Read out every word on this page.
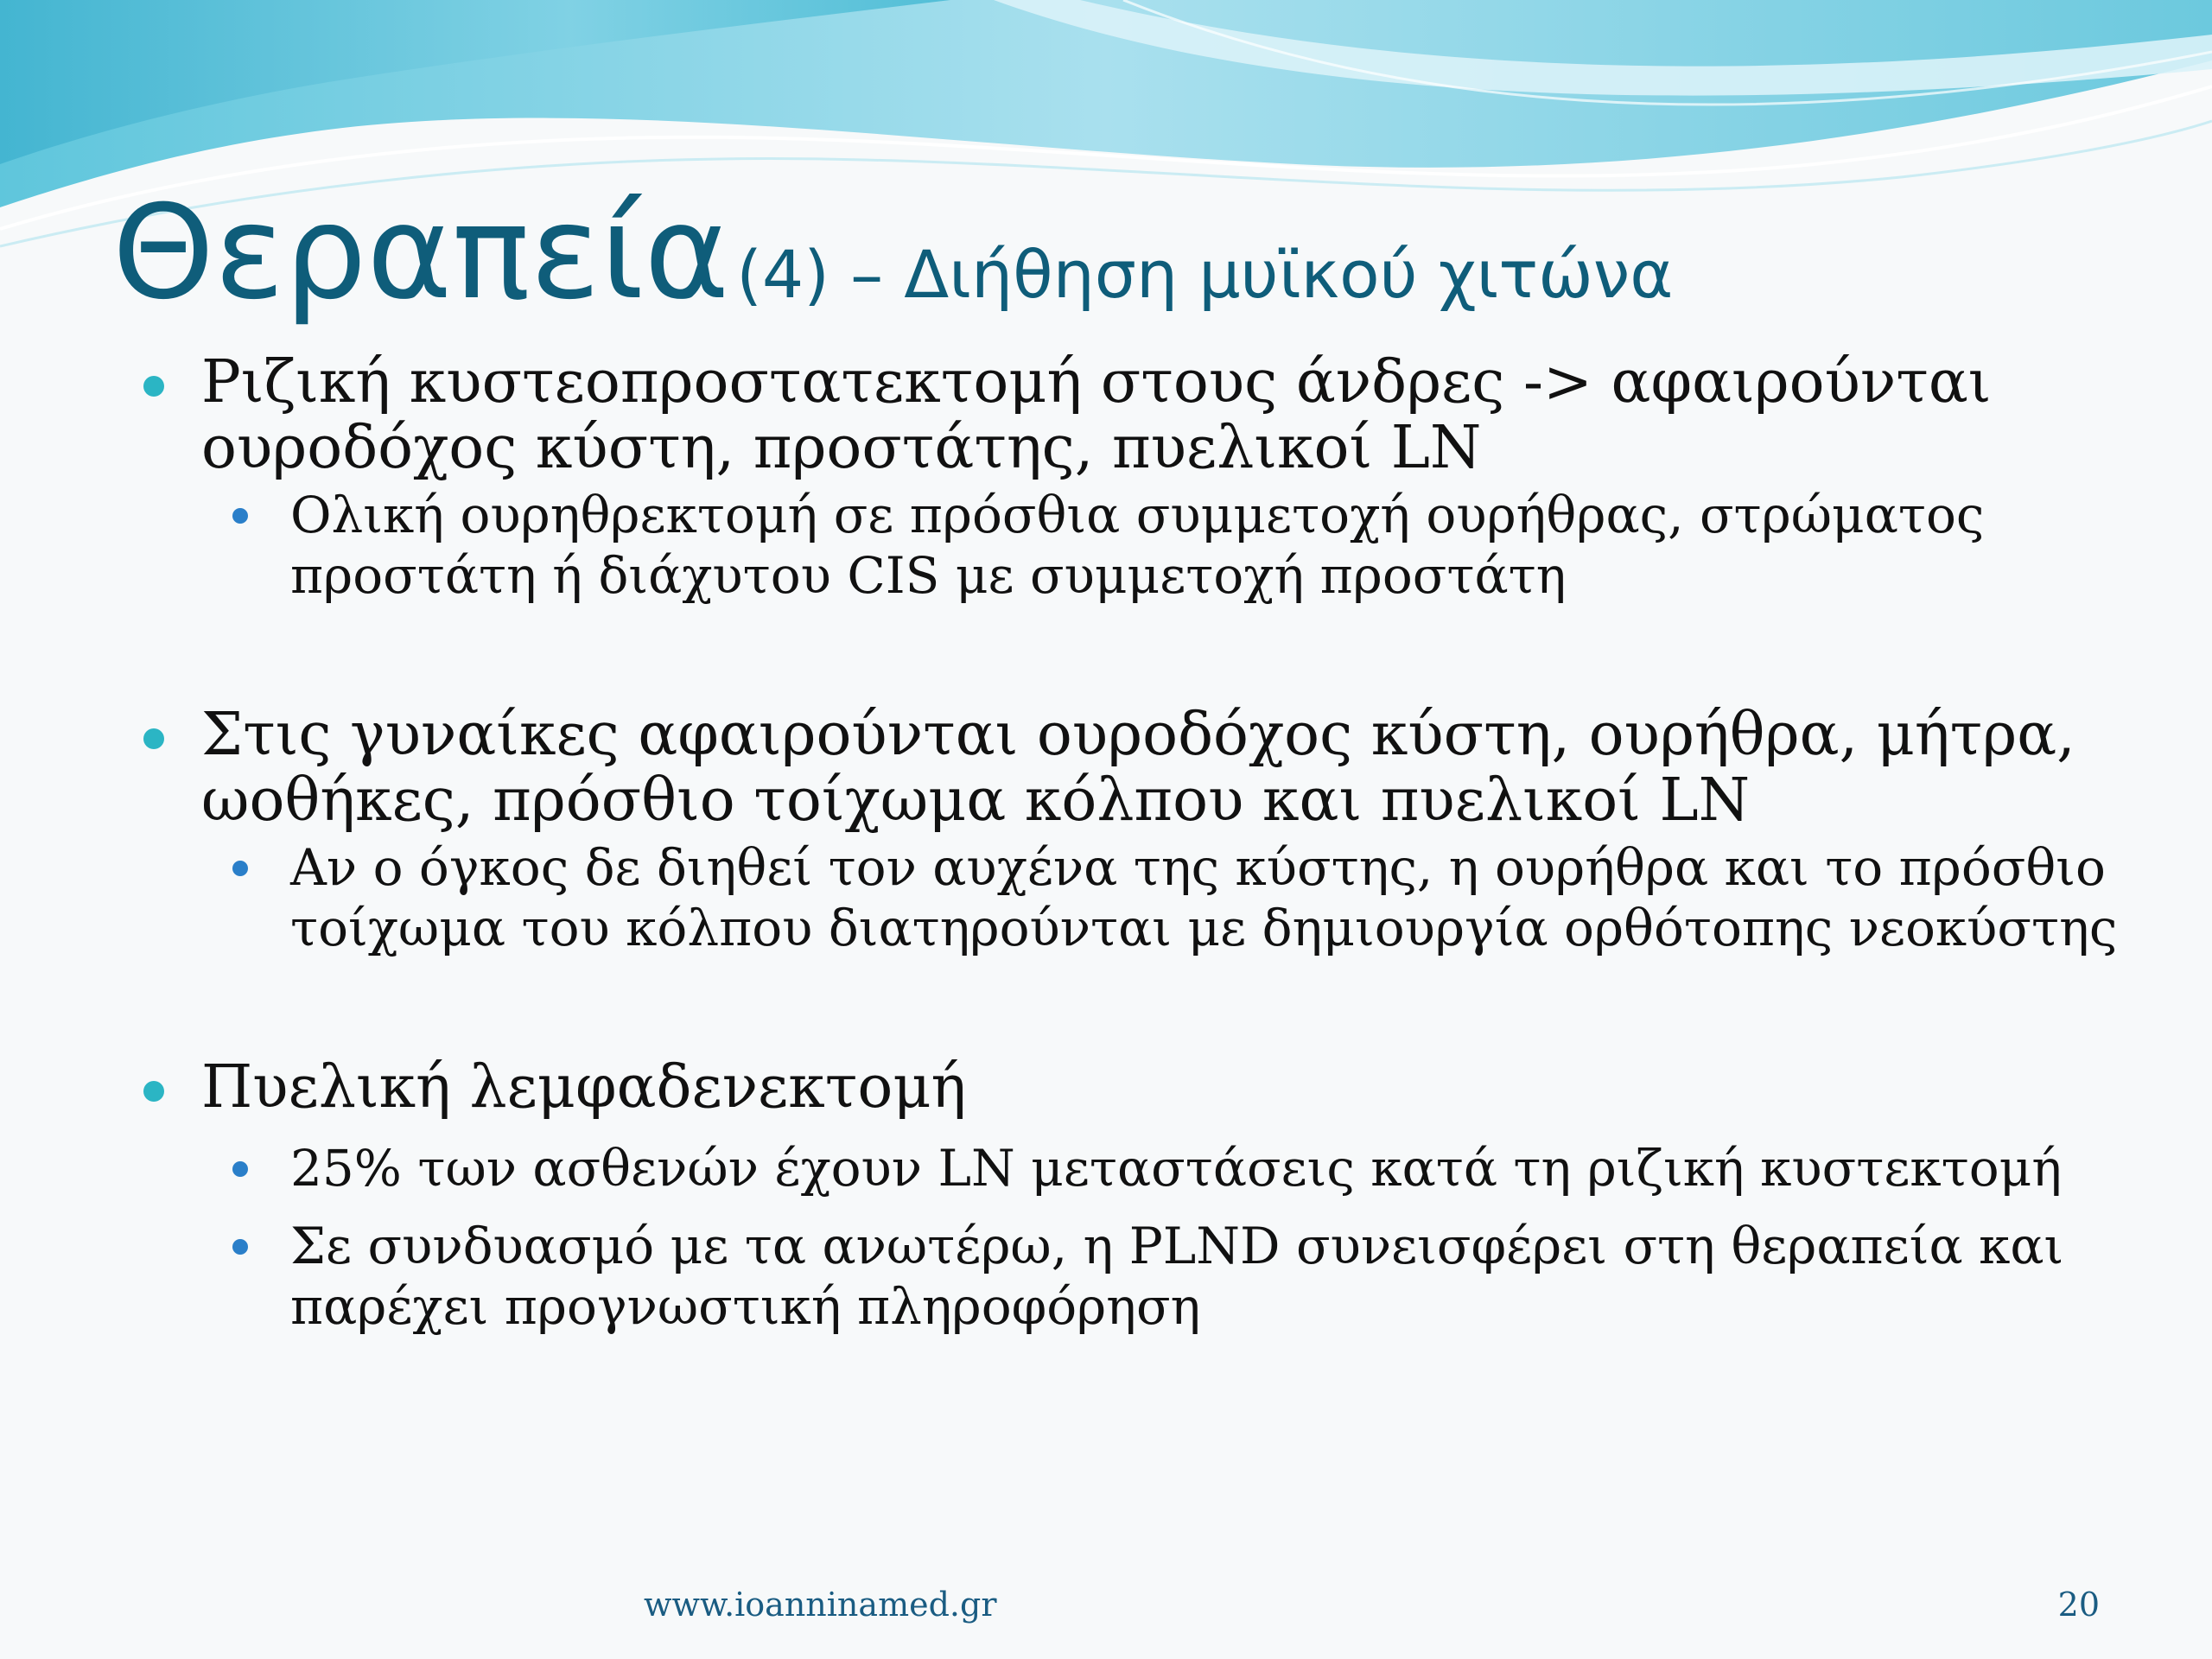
Θεραπεία (4) – Διήθηση μυϊκού χιτώνα
Ριζική κυστεοπροστατεκτομή στους άνδρες -> αφαιρούνται ουροδόχος κύστη, προστάτης, πυελικοί LN
Ολική ουρηθρεκτομή σε πρόσθια συμμετοχή ουρήθρας, στρώματος προστάτη ή διάχυτου CIS με συμμετοχή προστάτη
Στις γυναίκες αφαιρούνται ουροδόχος κύστη, ουρήθρα, μήτρα, ωοθήκες, πρόσθιο τοίχωμα κόλπου και πυελικοί LN
Αν ο όγκος δε διηθεί τον αυχένα της κύστης, η ουρήθρα και το πρόσθιο τοίχωμα του κόλπου διατηρούνται με δημιουργία ορθότοπης νεοκύστης
Πυελική λεμφαδενεκτομή
25% των ασθενών έχουν LN μεταστάσεις κατά τη ριζική κυστεκτομή
Σε συνδυασμό με τα ανωτέρω, η PLND συνεισφέρει στη θεραπεία και παρέχει προγνωστική πληροφόρηση
www.ioanninamed.gr	20
